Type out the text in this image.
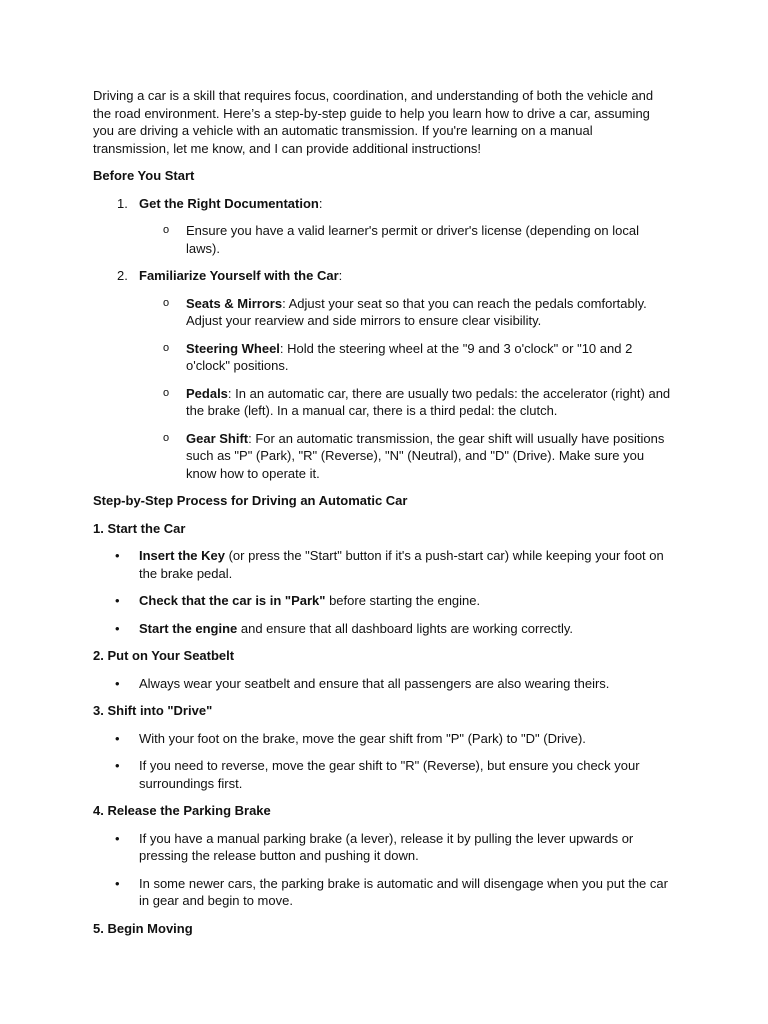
Driving a car is a skill that requires focus, coordination, and understanding of both the vehicle and the road environment. Here’s a step-by-step guide to help you learn how to drive a car, assuming you are driving a vehicle with an automatic transmission. If you're learning on a manual transmission, let me know, and I can provide additional instructions!

Before You Start

1. Get the Right Documentation:
o	Ensure you have a valid learner's permit or driver's license (depending on local laws).
2. Familiarize Yourself with the Car:
o	Seats & Mirrors: Adjust your seat so that you can reach the pedals comfortably. Adjust your rearview and side mirrors to ensure clear visibility.
o	Steering Wheel: Hold the steering wheel at the "9 and 3 o'clock" or "10 and 2 o'clock" positions.
o	Pedals: In an automatic car, there are usually two pedals: the accelerator (right) and the brake (left). In a manual car, there is a third pedal: the clutch.
o	Gear Shift: For an automatic transmission, the gear shift will usually have positions such as "P" (Park), "R" (Reverse), "N" (Neutral), and "D" (Drive). Make sure you know how to operate it.

Step-by-Step Process for Driving an Automatic Car

1. Start the Car

•	Insert the Key (or press the "Start" button if it's a push-start car) while keeping your foot on the brake pedal.
•	Check that the car is in "Park" before starting the engine.
•	Start the engine and ensure that all dashboard lights are working correctly.

2. Put on Your Seatbelt

•	Always wear your seatbelt and ensure that all passengers are also wearing theirs.

3. Shift into "Drive"

•	With your foot on the brake, move the gear shift from "P" (Park) to "D" (Drive).
•	If you need to reverse, move the gear shift to "R" (Reverse), but ensure you check your surroundings first.

4. Release the Parking Brake

•	If you have a manual parking brake (a lever), release it by pulling the lever upwards or pressing the release button and pushing it down.
•	In some newer cars, the parking brake is automatic and will disengage when you put the car in gear and begin to move.

5. Begin Moving
